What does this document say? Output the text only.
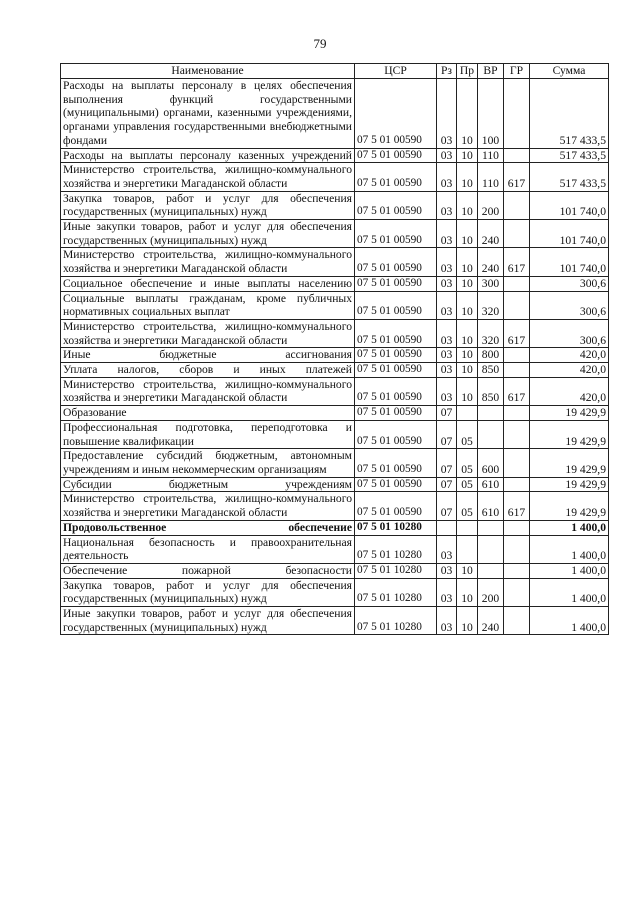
79
Наименование	ЦСР	Рз	Пр	ВР	ГР	Сумма
Расходы на выплаты персоналу в целях обеспечения выполнения функций государственными (муниципальными) органами, казенными учреждениями, органами управления государственными внебюджетными фондами	07 5 01 00590	03	10	100		517 433,5
Расходы на выплаты персоналу казенных учреждений	07 5 01 00590	03	10	110		517 433,5
Министерство строительства, жилищно-коммунального хозяйства и энергетики Магаданской области	07 5 01 00590	03	10	110	617	517 433,5
Закупка товаров, работ и услуг для обеспечения государственных (муниципальных) нужд	07 5 01 00590	03	10	200		101 740,0
Иные закупки товаров, работ и услуг для обеспечения государственных (муниципальных) нужд	07 5 01 00590	03	10	240		101 740,0
Министерство строительства, жилищно-коммунального хозяйства и энергетики Магаданской области	07 5 01 00590	03	10	240	617	101 740,0
Социальное обеспечение и иные выплаты населению	07 5 01 00590	03	10	300		300,6
Социальные выплаты гражданам, кроме публичных нормативных социальных выплат	07 5 01 00590	03	10	320		300,6
Министерство строительства, жилищно-коммунального хозяйства и энергетики Магаданской области	07 5 01 00590	03	10	320	617	300,6
Иные бюджетные ассигнования	07 5 01 00590	03	10	800		420,0
Уплата налогов, сборов и иных платежей	07 5 01 00590	03	10	850		420,0
Министерство строительства, жилищно-коммунального хозяйства и энергетики Магаданской области	07 5 01 00590	03	10	850	617	420,0
Образование	07 5 01 00590	07				19 429,9
Профессиональная подготовка, переподготовка и повышение квалификации	07 5 01 00590	07	05			19 429,9
Предоставление субсидий бюджетным, автономным учреждениям и иным некоммерческим организациям	07 5 01 00590	07	05	600		19 429,9
Субсидии бюджетным учреждениям	07 5 01 00590	07	05	610		19 429,9
Министерство строительства, жилищно-коммунального хозяйства и энергетики Магаданской области	07 5 01 00590	07	05	610	617	19 429,9
Продовольственное обеспечение	07 5 01 10280					1 400,0
Национальная безопасность и правоохранительная деятельность	07 5 01 10280	03				1 400,0
Обеспечение пожарной безопасности	07 5 01 10280	03	10			1 400,0
Закупка товаров, работ и услуг для обеспечения государственных (муниципальных) нужд	07 5 01 10280	03	10	200		1 400,0
Иные закупки товаров, работ и услуг для обеспечения государственных (муниципальных) нужд	07 5 01 10280	03	10	240		1 400,0
